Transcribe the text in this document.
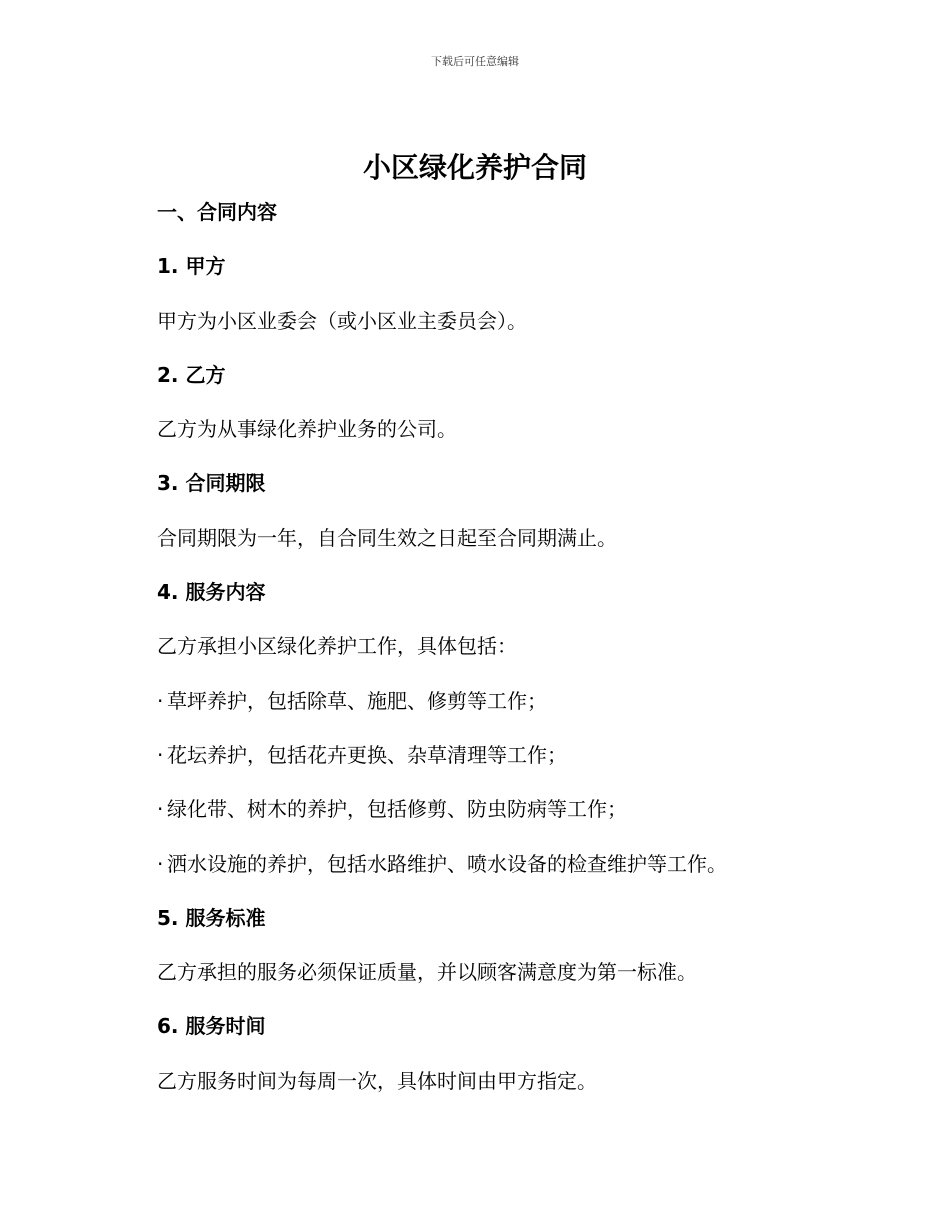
下载后可任意编辑
小区绿化养护合同
一、合同内容
1. 甲方
甲方为小区业委会（或小区业主委员会）。
2. 乙方
乙方为从事绿化养护业务的公司。
3. 合同期限
合同期限为一年，自合同生效之日起至合同期满止。
4. 服务内容
乙方承担小区绿化养护工作，具体包括：
· 草坪养护，包括除草、施肥、修剪等工作；
· 花坛养护，包括花卉更换、杂草清理等工作；
· 绿化带、树木的养护，包括修剪、防虫防病等工作；
· 洒水设施的养护，包括水路维护、喷水设备的检查维护等工作。
5. 服务标准
乙方承担的服务必须保证质量，并以顾客满意度为第一标准。
6. 服务时间
乙方服务时间为每周一次，具体时间由甲方指定。
